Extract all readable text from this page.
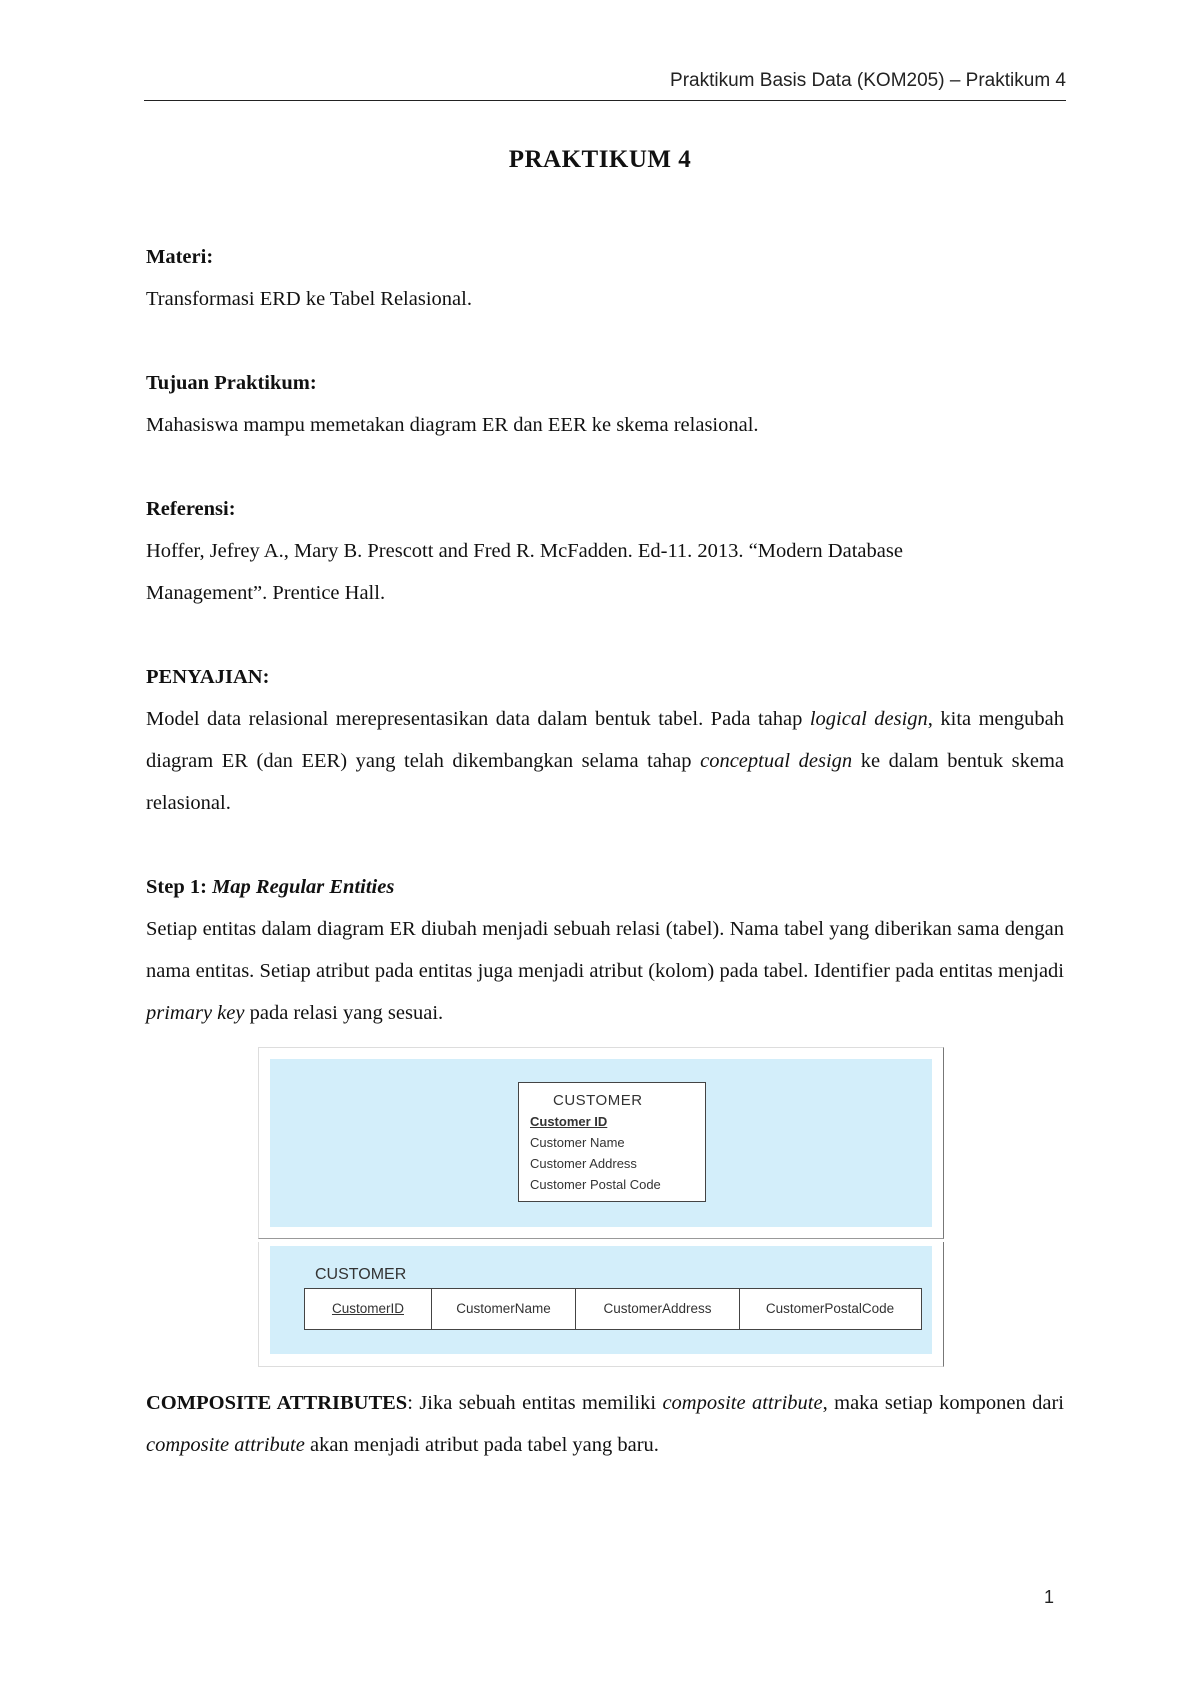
Praktikum Basis Data (KOM205) – Praktikum 4
PRAKTIKUM 4
Materi:
Transformasi ERD ke Tabel Relasional.
Tujuan Praktikum:
Mahasiswa mampu memetakan diagram ER dan EER ke skema relasional.
Referensi:
Hoffer, Jefrey A., Mary B. Prescott and Fred R. McFadden. Ed-11. 2013. “Modern Database
Management”. Prentice Hall.
PENYAJIAN:
Model data relasional merepresentasikan data dalam bentuk tabel. Pada tahap logical design, kita mengubah diagram ER (dan EER) yang telah dikembangkan selama tahap conceptual design ke dalam bentuk skema relasional.
Step 1: Map Regular Entities
Setiap entitas dalam diagram ER diubah menjadi sebuah relasi (tabel). Nama tabel yang diberikan sama dengan nama entitas. Setiap atribut pada entitas juga menjadi atribut (kolom) pada tabel. Identifier pada entitas menjadi primary key pada relasi yang sesuai.
CUSTOMER
Customer ID
Customer Name
Customer Address
Customer Postal Code
CUSTOMER
CustomerID	CustomerName	CustomerAddress	CustomerPostalCode
COMPOSITE ATTRIBUTES: Jika sebuah entitas memiliki composite attribute, maka setiap komponen dari composite attribute akan menjadi atribut pada tabel yang baru.
1
